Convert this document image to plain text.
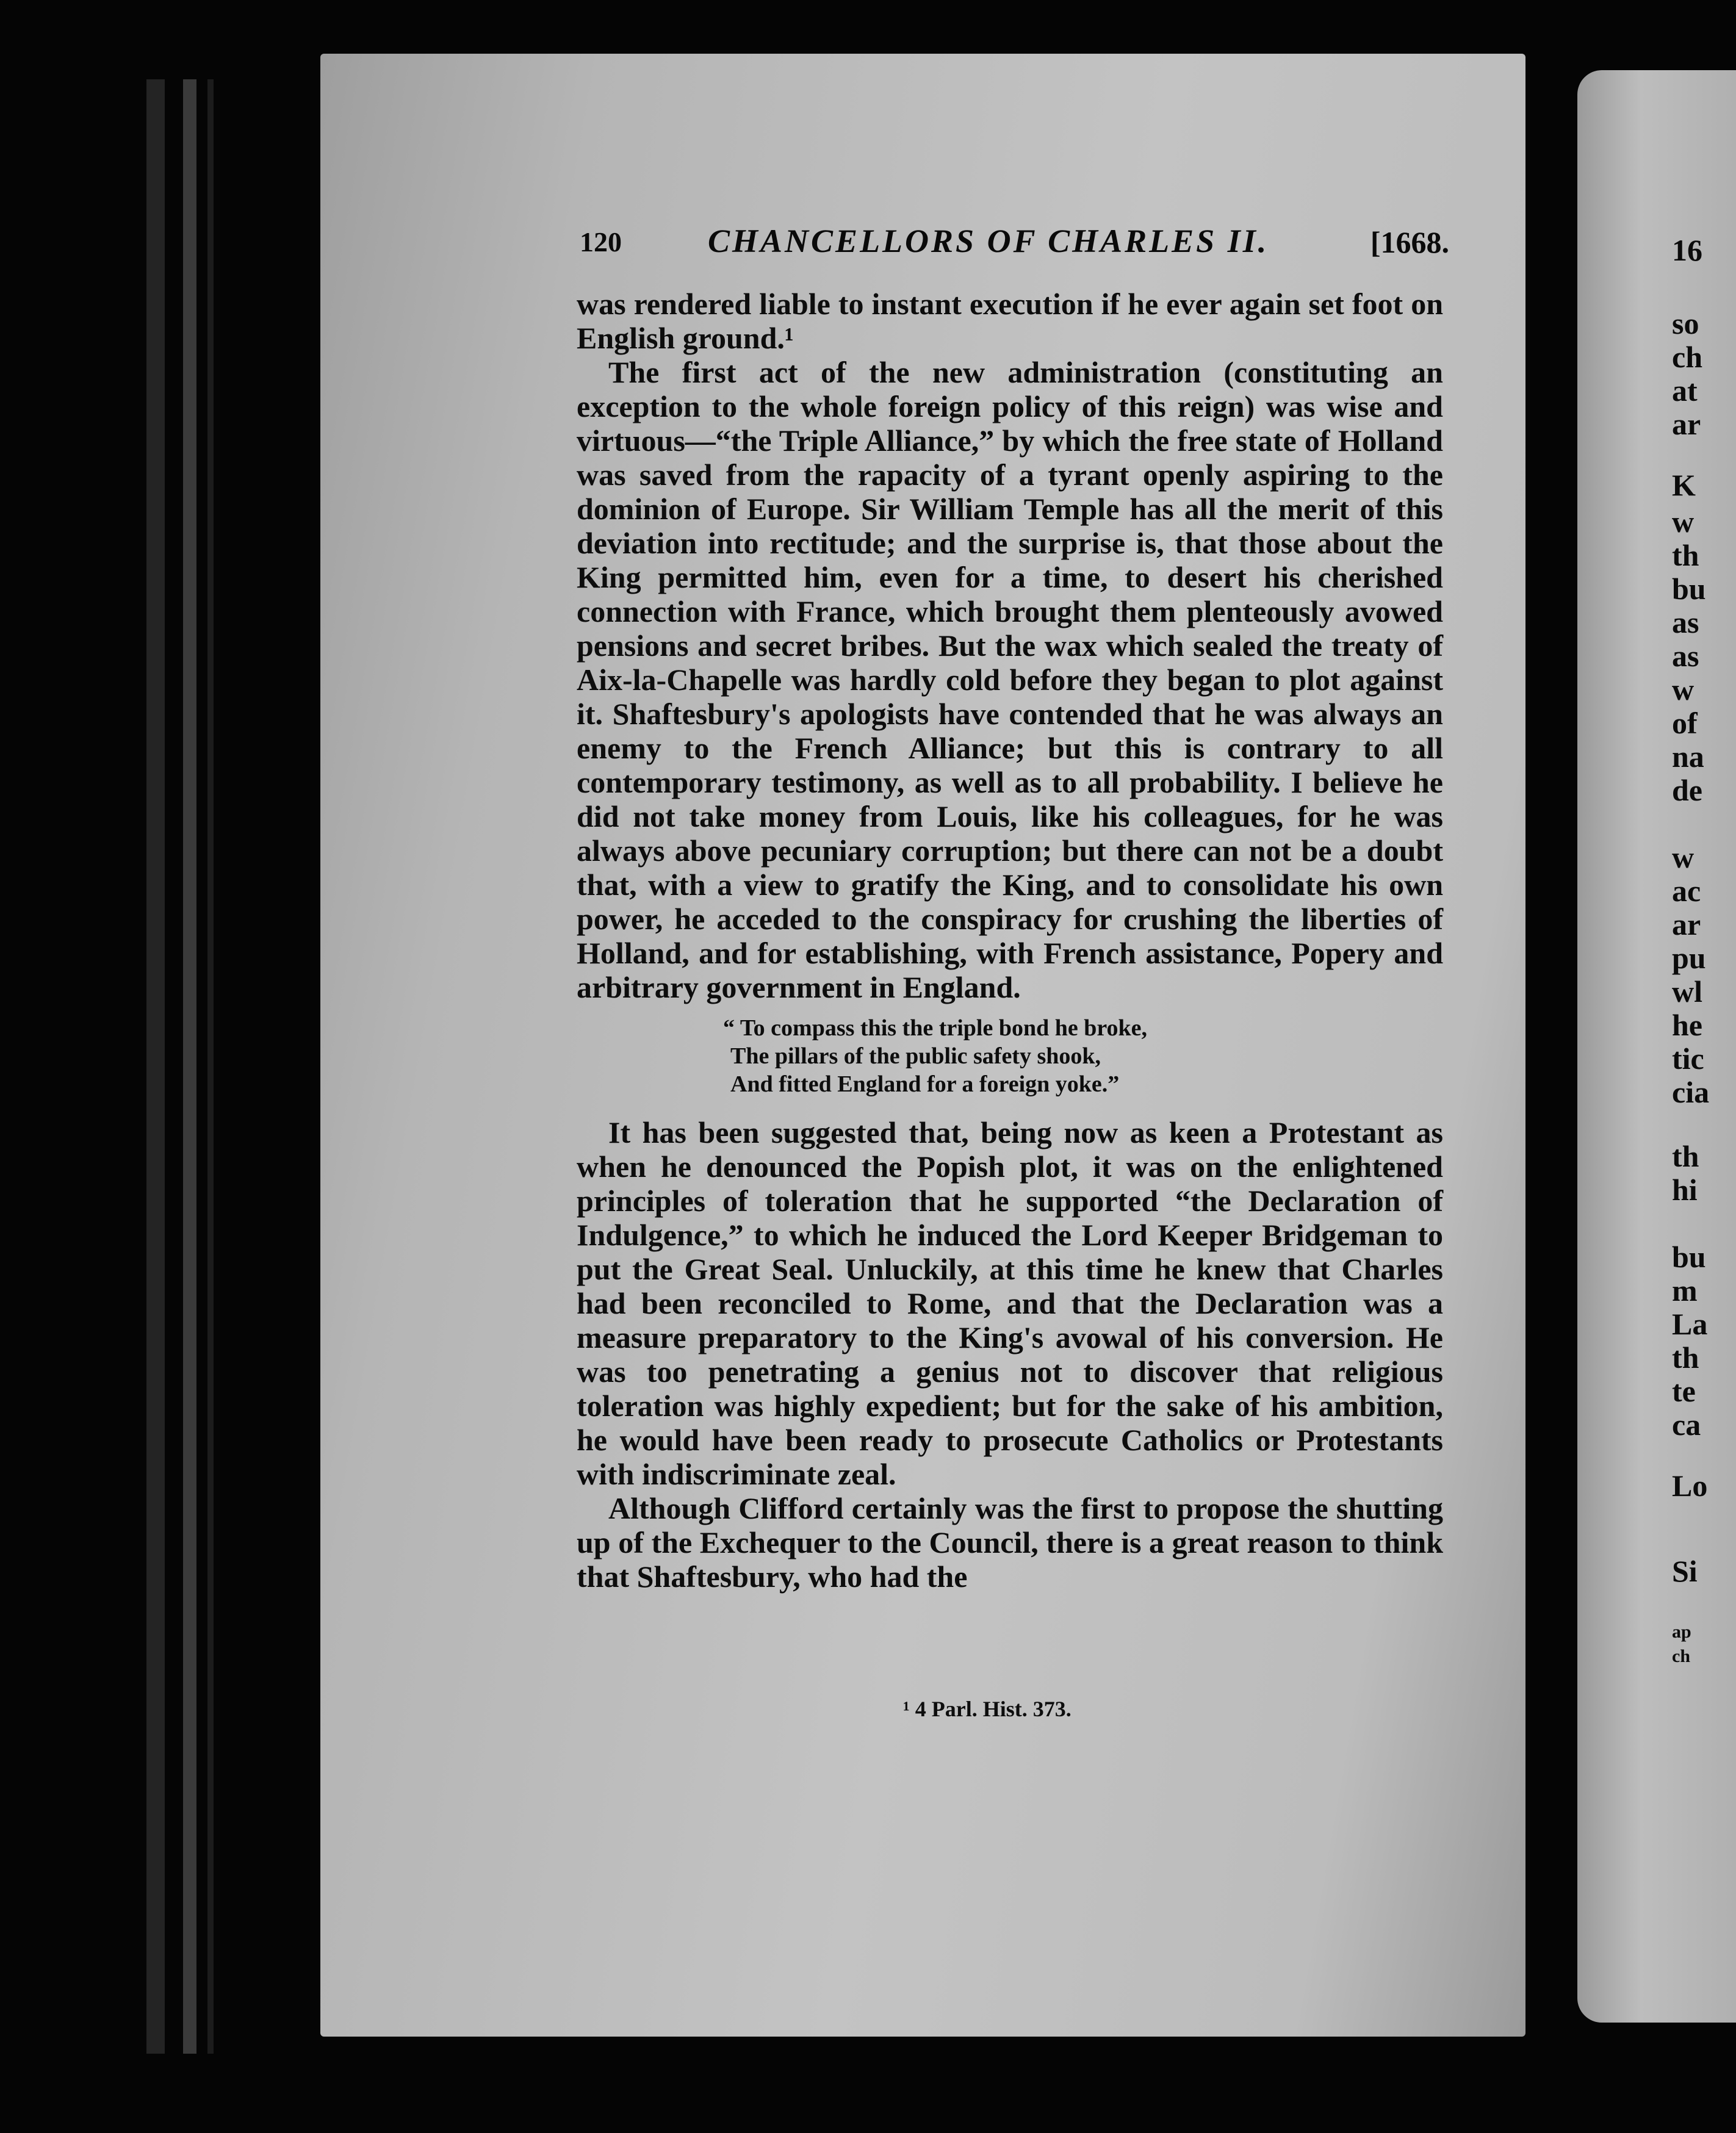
16
so
ch
at
ar
K
w
th
bu
as
as
w
of
na
de
w
ac
ar
pu
wl
he
tic
cia
th
hi
bu
m
La
th
te
ca
Lo
Si
ap
ch
120	CHANCELLORS OF CHARLES II.	[1668.

was rendered liable to instant execution if he ever again set foot on English ground.¹

The first act of the new administration (constituting an exception to the whole foreign policy of this reign) was wise and virtuous—“the Triple Alliance,” by which the free state of Holland was saved from the rapacity of a tyrant openly aspiring to the dominion of Europe. Sir William Temple has all the merit of this deviation into rectitude; and the surprise is, that those about the King permitted him, even for a time, to desert his cherished connection with France, which brought them plenteously avowed pensions and secret bribes. But the wax which sealed the treaty of Aix-la-Chapelle was hardly cold before they began to plot against it. Shaftesbury's apologists have contended that he was always an enemy to the French Alliance; but this is contrary to all contemporary testimony, as well as to all probability. I believe he did not take money from Louis, like his colleagues, for he was always above pecuniary corruption; but there can not be a doubt that, with a view to gratify the King, and to consolidate his own power, he acceded to the conspiracy for crushing the liberties of Holland, and for establishing, with French assistance, Popery and arbitrary government in England.

“ To compass this the triple bond he broke,
The pillars of the public safety shook,
And fitted England for a foreign yoke.”

It has been suggested that, being now as keen a Protestant as when he denounced the Popish plot, it was on the enlightened principles of toleration that he supported “the Declaration of Indulgence,” to which he induced the Lord Keeper Bridgeman to put the Great Seal. Unluckily, at this time he knew that Charles had been reconciled to Rome, and that the Declaration was a measure preparatory to the King's avowal of his conversion. He was too penetrating a genius not to discover that religious toleration was highly expedient; but for the sake of his ambition, he would have been ready to prosecute Catholics or Protestants with indiscriminate zeal.

Although Clifford certainly was the first to propose the shutting up of the Exchequer to the Council, there is a great reason to think that Shaftesbury, who had the

¹ 4 Parl. Hist. 373.
